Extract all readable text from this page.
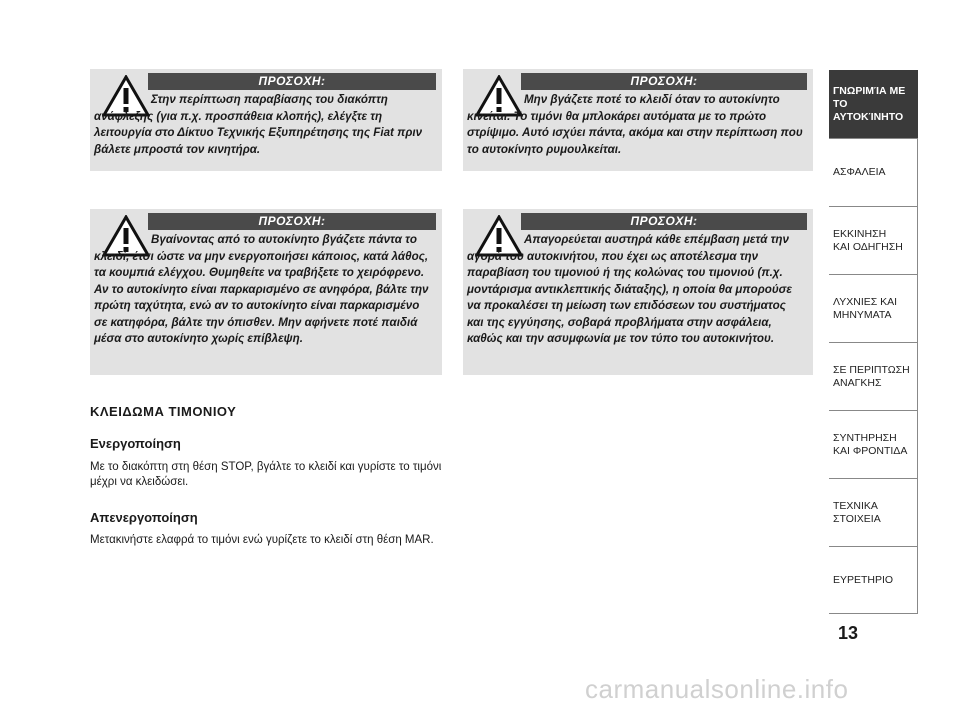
ΠΡΟΣΟΧΗ:
Στην περίπτωση παραβίασης του διακόπτη ανάφλεξης (για π.χ. προσπάθεια κλοπής), ελέγξτε τη λειτουργία στο Δίκτυο Τεχνικής Εξυπηρέτησης της Fiat πριν βάλετε μπροστά τον κινητήρα.
ΠΡΟΣΟΧΗ:
Μην βγάζετε ποτέ το κλειδί όταν το αυτοκίνητο κινείται. Το τιμόνι θα μπλοκάρει αυτόματα με το πρώτο στρίψιμο. Αυτό ισχύει πάντα, ακόμα και στην περίπτωση που το αυτοκίνητο ρυμουλκείται.
ΠΡΟΣΟΧΗ:
Βγαίνοντας από το αυτοκίνητο βγάζετε πάντα το κλειδί, έτσι ώστε να μην ενεργοποιήσει κάποιος, κατά λάθος, τα κουμπιά ελέγχου. Θυμηθείτε να τραβήξετε το χειρόφρενο. Αν το αυτοκίνητο είναι παρκαρισμένο σε ανηφόρα, βάλτε την πρώτη ταχύτητα, ενώ αν το αυτοκίνητο είναι παρκαρισμένο σε κατηφόρα, βάλτε την όπισθεν. Μην αφήνετε ποτέ παιδιά μέσα στο αυτοκίνητο χωρίς επίβλεψη.
ΠΡΟΣΟΧΗ:
Απαγορεύεται αυστηρά κάθε επέμβαση μετά την αγορά του αυτοκινήτου, που έχει ως αποτέλεσμα την παραβίαση του τιμονιού ή της κολώνας του τιμονιού (π.χ. μοντάρισμα αντικλεπτικής διάταξης), η οποία θα μπορούσε να προκαλέσει τη μείωση των επιδόσεων του συστήματος και της εγγύησης, σοβαρά προβλήματα στην ασφάλεια, καθώς και την ασυμφωνία με τον τύπο του αυτοκινήτου.
ΚΛΕΙΔΩΜΑ ΤΙΜΟΝΙΟΥ
Ενεργοποίηση
Με το διακόπτη στη θέση STOP, βγάλτε το κλειδί και γυρίστε το τιμόνι μέχρι να κλειδώσει.
Απενεργοποίηση
Μετακινήστε ελαφρά το τιμόνι ενώ γυρίζετε το κλειδί στη θέση MAR.
ΓΝΩΡΙΜΊΑ ΜΕ
ΤΟ ΑΥΤΟΚΊΝΗΤΟ
ΑΣΦΑΛΕΙΑ
ΕΚΚΙΝΗΣΗ
ΚΑΙ ΟΔΗΓΗΣΗ
ΛΥΧΝΙΕΣ ΚΑΙ
ΜΗΝΥΜΑΤΑ
ΣΕ ΠΕΡΙΠΤΩΣΗ
ΑΝΑΓΚΗΣ
ΣΥΝΤΗΡΗΣΗ
ΚΑΙ ΦΡΟΝΤΙΔΑ
ΤΕΧΝΙΚΑ
ΣΤΟΙΧΕΙΑ
ΕΥΡΕΤΗΡΙΟ
13
carmanualsonline.info
